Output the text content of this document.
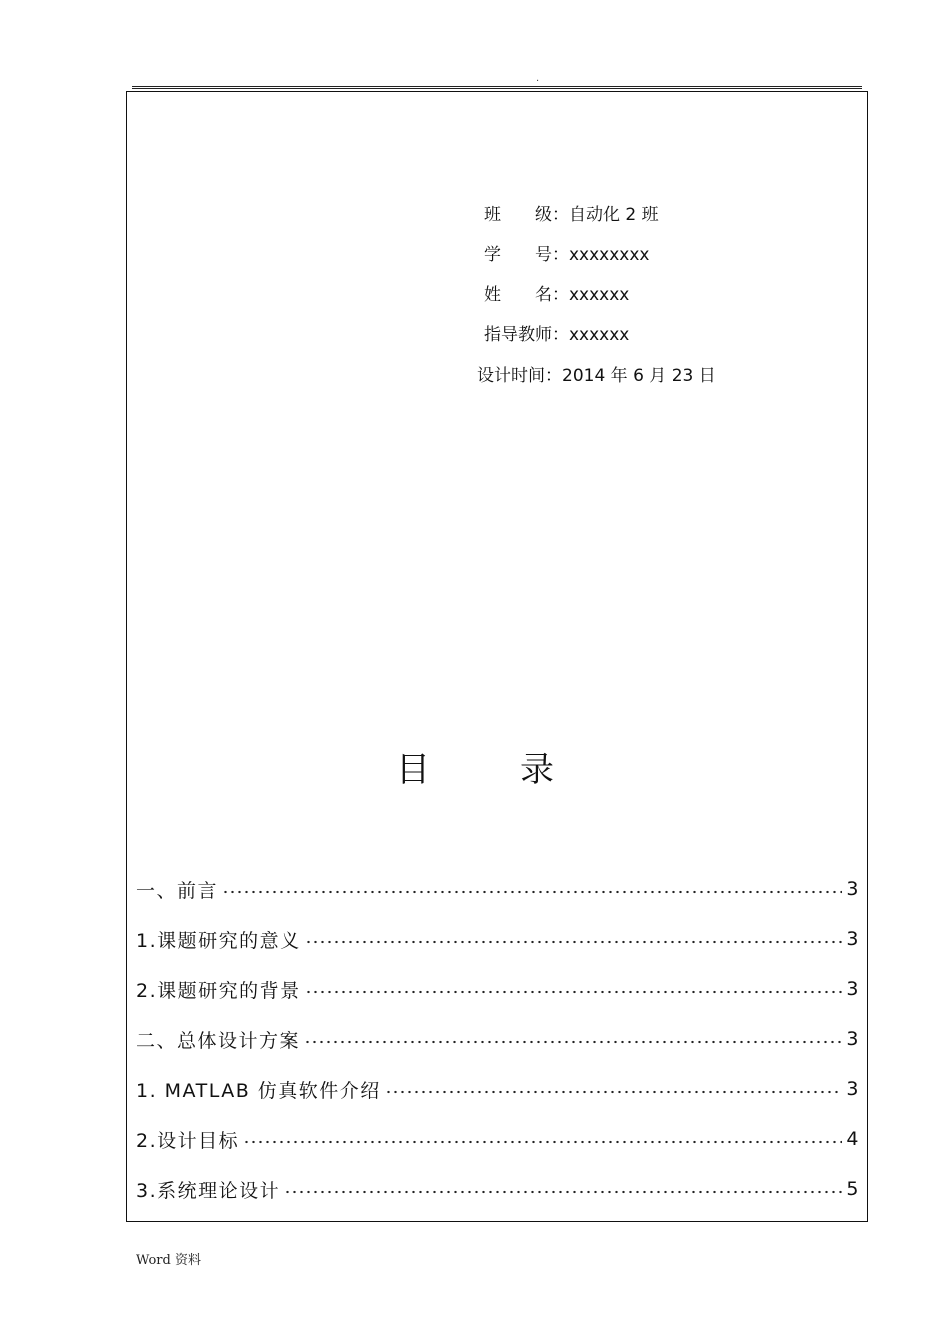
.
班　　级 ：自动化 2 班
学　　号 ：xxxxxxxx
姓　　名 ：xxxxxx
指导教师 ：xxxxxx
设计时间 ：2014 年 6 月 23 日
目	录
一、前言	3
1.课题研究的意义	3
2.课题研究的背景	3
二、总体设计方案	3
1. MATLAB 仿真软件介绍	3
2.设计目标	4
3.系统理论设计	5
Word 资料
